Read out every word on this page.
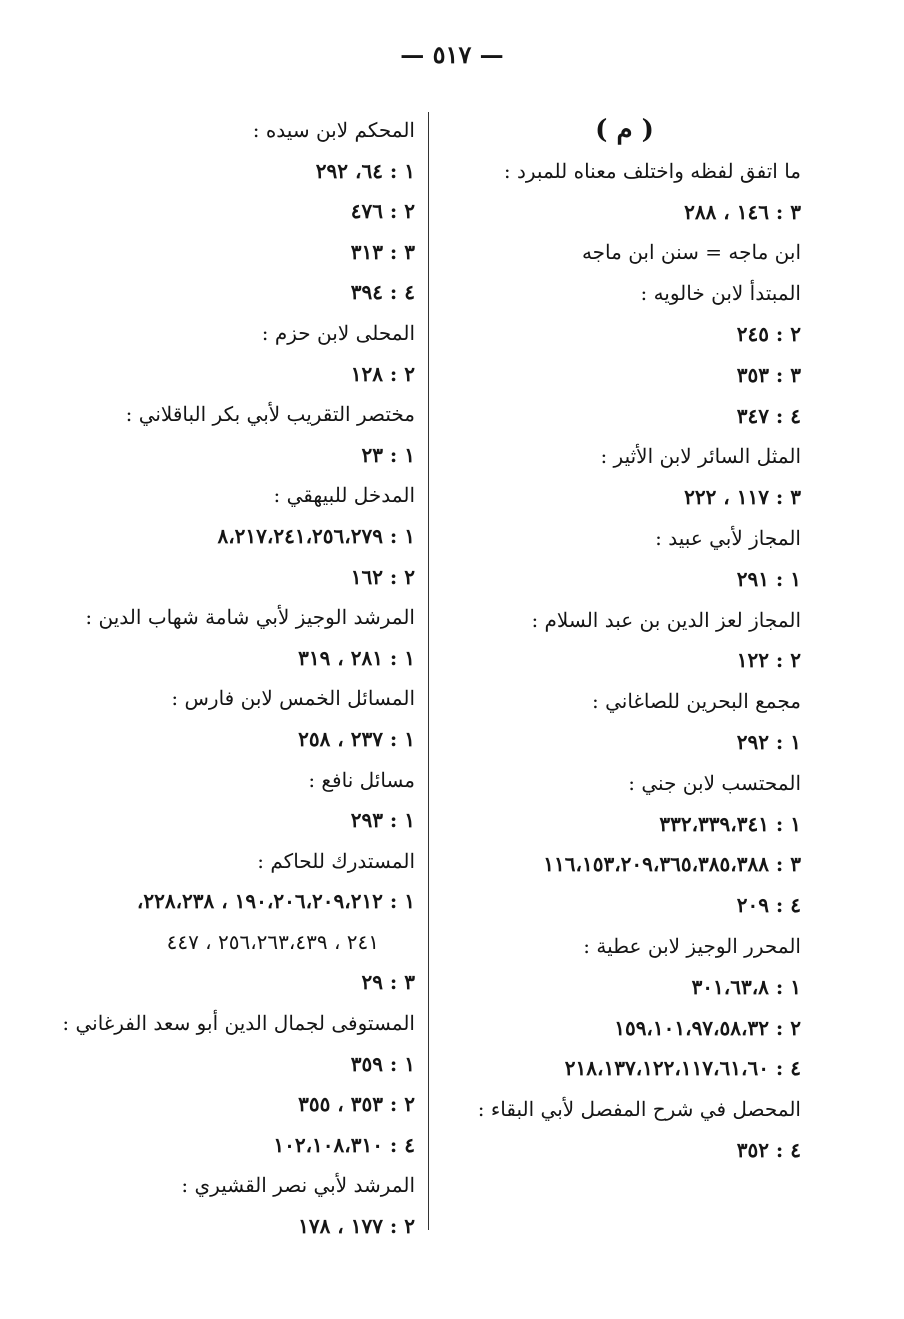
— ٥١٧ —
( م )
ما اتفق لفظه واختلف معناه للمبرد :
٣ : ١٤٦ ، ٢٨٨
ابن ماجه = سنن ابن ماجه
المبتدأ لابن خالويه :
٢ : ٢٤٥
٣ : ٣٥٣
٤ : ٣٤٧
المثل السائر لابن الأثير :
٣ : ١١٧ ، ٢٢٢
المجاز لأبي عبيد :
١ : ٢٩١
المجاز لعز الدين بن عبد السلام :
٢ : ١٢٢
مجمع البحرين للصاغاني :
١ : ٢٩٢
المحتسب لابن جني :
١ : ٣٣٢،٣٣٩،٣٤١
٣ : ١١٦،١٥٣،٢٠٩،٣٦٥،٣٨٥،٣٨٨
٤ : ٢٠٩
المحرر الوجيز لابن عطية :
١ : ٣٠١،٦٣،٨
٢ : ١٥٩،١٠١،٩٧،٥٨،٣٢
٤ : ٢١٨،١٣٧،١٢٢،١١٧،٦١،٦٠
المحصل في شرح المفصل لأبي البقاء :
٤ : ٣٥٢
المحكم لابن سيده :
١ : ٦٤، ٢٩٢
٢ : ٤٧٦
٣ : ٣١٣
٤ : ٣٩٤
المحلى لابن حزم :
٢ : ١٢٨
مختصر التقريب لأبي بكر الباقلاني :
١ : ٢٣
المدخل للبيهقي :
١ : ٨،٢١٧،٢٤١،٢٥٦،٢٧٩
٢ : ١٦٢
المرشد الوجيز لأبي شامة شهاب الدين :
١ : ٢٨١ ، ٣١٩
المسائل الخمس لابن فارس :
١ : ٢٣٧ ، ٢٥٨
مسائل نافع :
١ : ٢٩٣
المستدرك للحاكم :
١ : ١٩٠،٢٠٦،٢٠٩،٢١٢ ، ٢٢٨،٢٣٨،
٢٤١ ، ٢٥٦،٢٦٣،٤٣٩ ، ٤٤٧
٣ : ٢٩
المستوفى لجمال الدين أبو سعد الفرغاني :
١ : ٣٥٩
٢ : ٣٥٣ ، ٣٥٥
٤ : ١٠٢،١٠٨،٣١٠
المرشد لأبي نصر القشيري :
٢ : ١٧٧ ، ١٧٨
